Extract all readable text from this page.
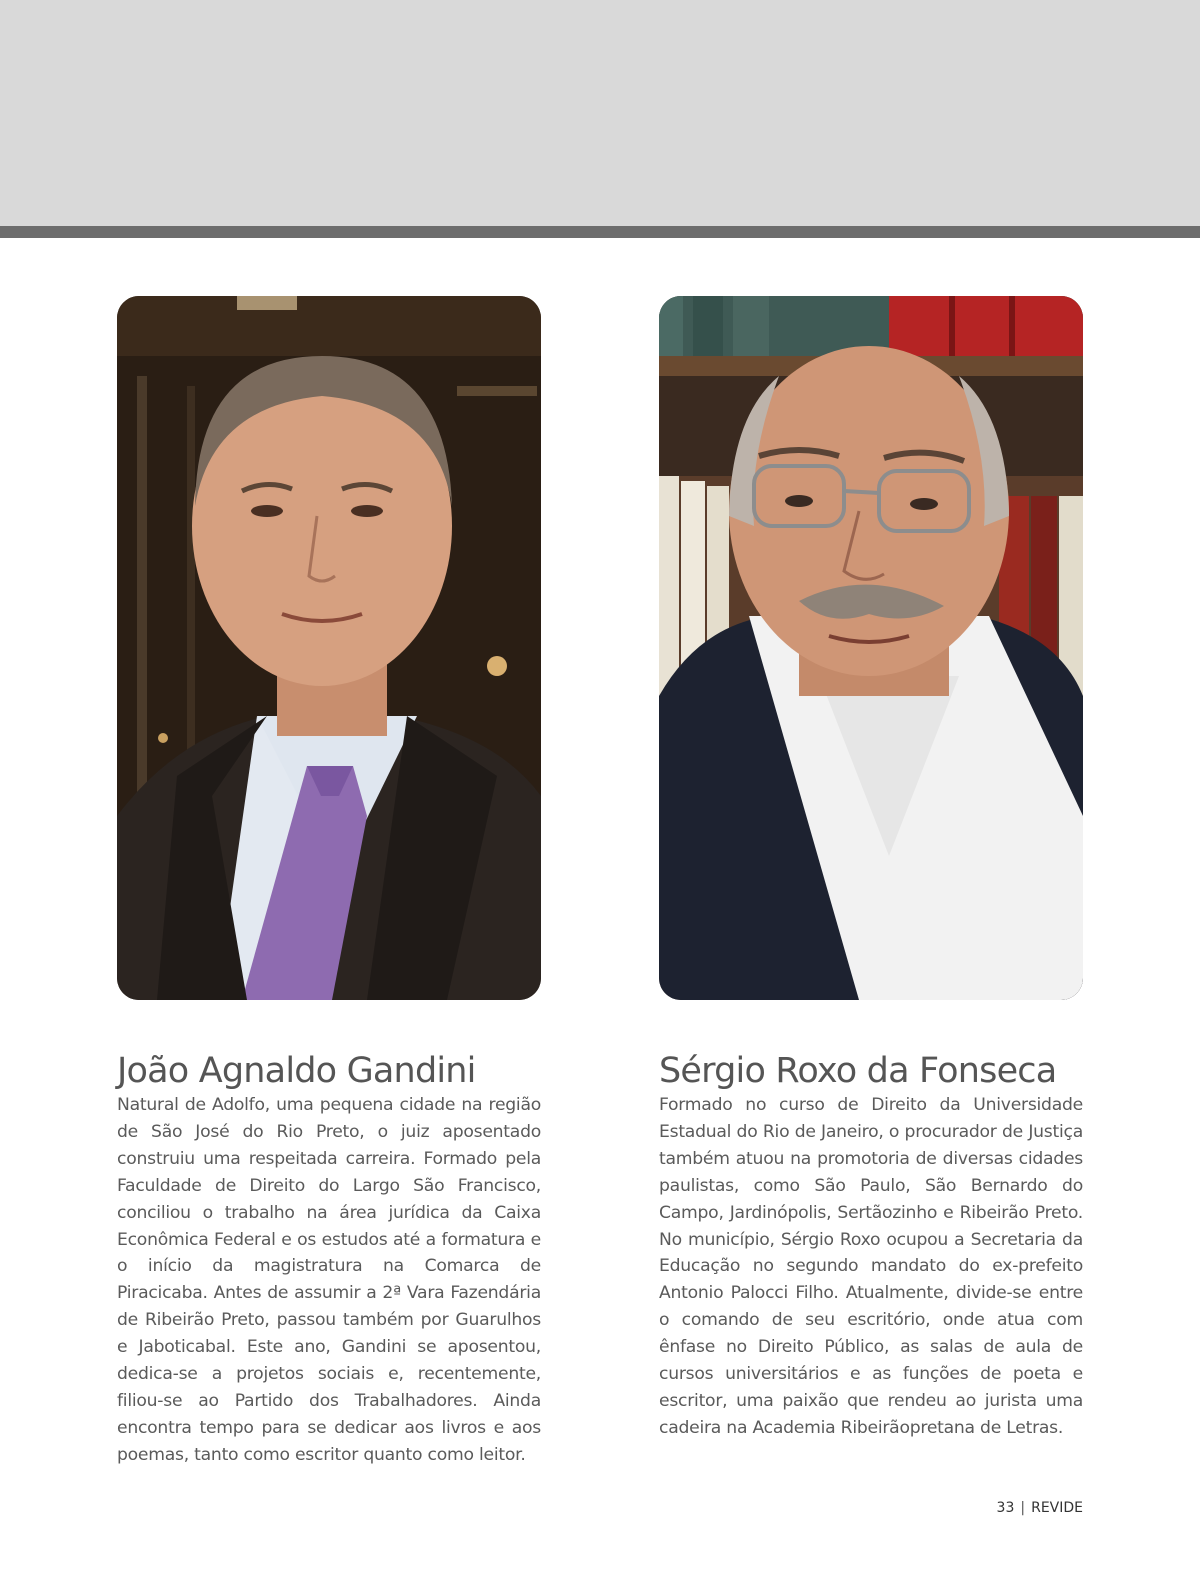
João Agnaldo Gandini

Natural de Adolfo, uma pequena cidade na região de São José do Rio Preto, o juiz aposentado construiu uma respeitada carreira. Formado pela Faculdade de Direito do Largo São Francisco, conciliou o trabalho na área jurídica da Caixa Econômica Federal e os estudos até a formatura e o início da magistratura na Comarca de Piracicaba. Antes de assumir a 2ª Vara Fazendária de Ribeirão Preto, passou também por Guarulhos e Jaboticabal. Este ano, Gandini se aposentou, dedica-se a projetos sociais e, recentemente, filiou-se ao Partido dos Trabalhadores. Ainda encontra tempo para se dedicar aos livros e aos poemas, tanto como escritor quanto como leitor.

Sérgio Roxo da Fonseca

Formado no curso de Direito da Universidade Estadual do Rio de Janeiro, o procurador de Justiça também atuou na promotoria de diversas cidades paulistas, como São Paulo, São Bernardo do Campo, Jardinópolis, Sertãozinho e Ribeirão Preto. No município, Sérgio Roxo ocupou a Secretaria da Educação no segundo mandato do ex-prefeito Antonio Palocci Filho. Atualmente, divide-se entre o comando de seu escritório, onde atua com ênfase no Direito Público, as salas de aula de cursos universitários e as funções de poeta e escritor, uma paixão que rendeu ao jurista uma cadeira na Academia Ribeirãopretana de Letras.

33 | REVIDE
